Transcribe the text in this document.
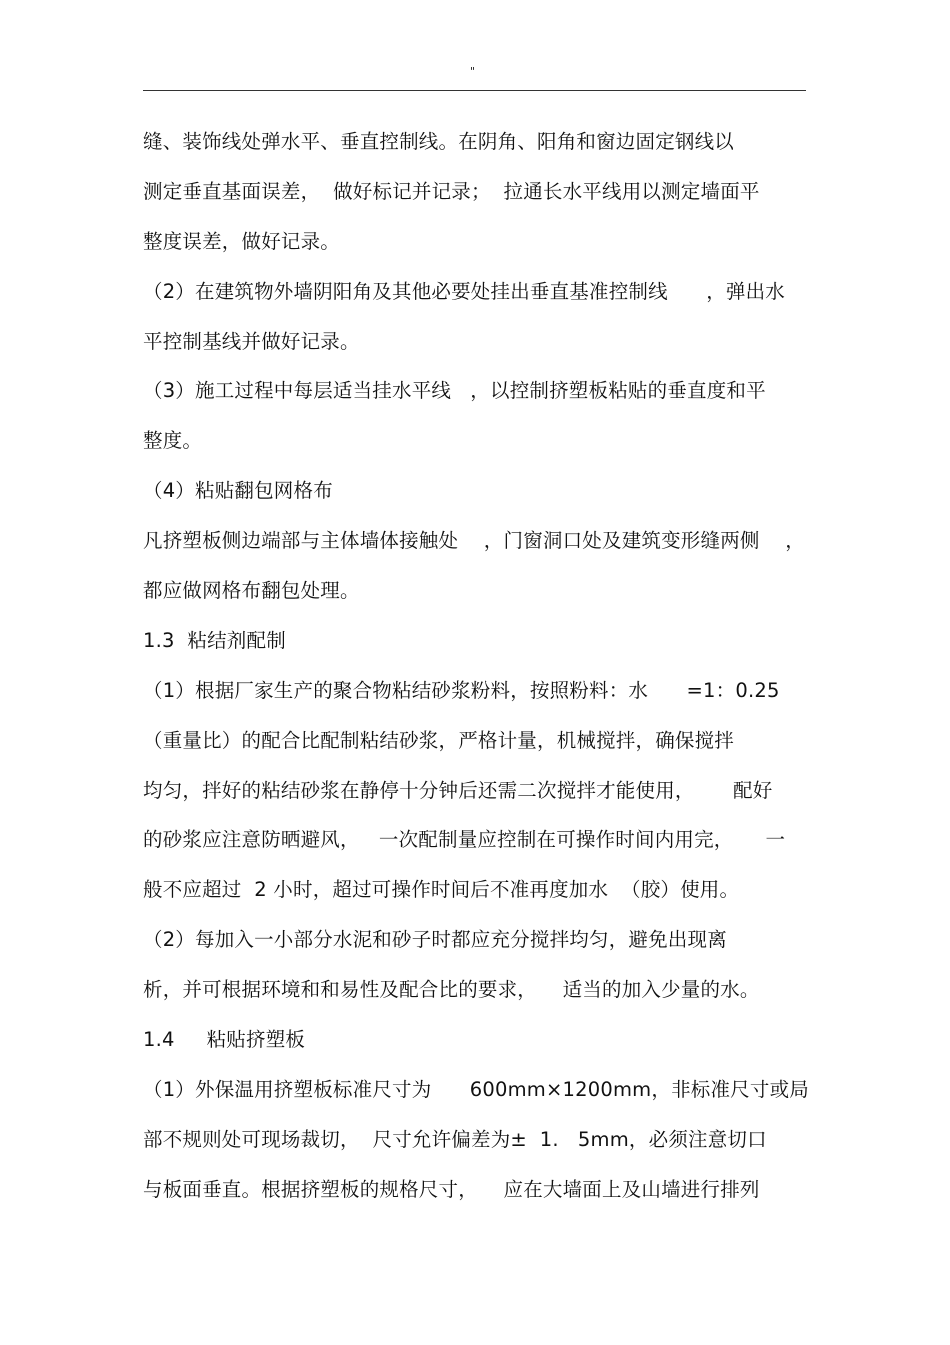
"
缝、装饰线处弹水平、垂直控制线。在阴角、阳角和窗边固定钢线以
测定垂直基面误差，  做好标记并记录；  拉通长水平线用以测定墙面平
整度误差，做好记录。
（2）在建筑物外墙阴阳角及其他必要处挂出垂直基准控制线      ，弹出水
平控制基线并做好记录。
（3）施工过程中每层适当挂水平线   ，以控制挤塑板粘贴的垂直度和平
整度。
（4）粘贴翻包网格布
凡挤塑板侧边端部与主体墙体接触处    ，门窗洞口处及建筑变形缝两侧    ，
都应做网格布翻包处理。
1.3  粘结剂配制
（1）根据厂家生产的聚合物粘结砂浆粉料，按照粉料：水      =1：0.25
（重量比）的配合比配制粘结砂浆，严格计量，机械搅拌，确保搅拌
均匀，拌好的粘结砂浆在静停十分钟后还需二次搅拌才能使用，      配好
的砂浆应注意防晒避风，   一次配制量应控制在可操作时间内用完，     一
般不应超过  2 小时，超过可操作时间后不准再度加水  （胶）使用。
（2）每加入一小部分水泥和砂子时都应充分搅拌均匀，避免出现离
析，并可根据环境和和易性及配合比的要求，    适当的加入少量的水。
1.4     粘贴挤塑板
（1）外保温用挤塑板标准尺寸为      600mm×1200mm，非标准尺寸或局
部不规则处可现场裁切，  尺寸允许偏差为±  1.   5mm，必须注意切口
与板面垂直。根据挤塑板的规格尺寸，    应在大墙面上及山墙进行排列
